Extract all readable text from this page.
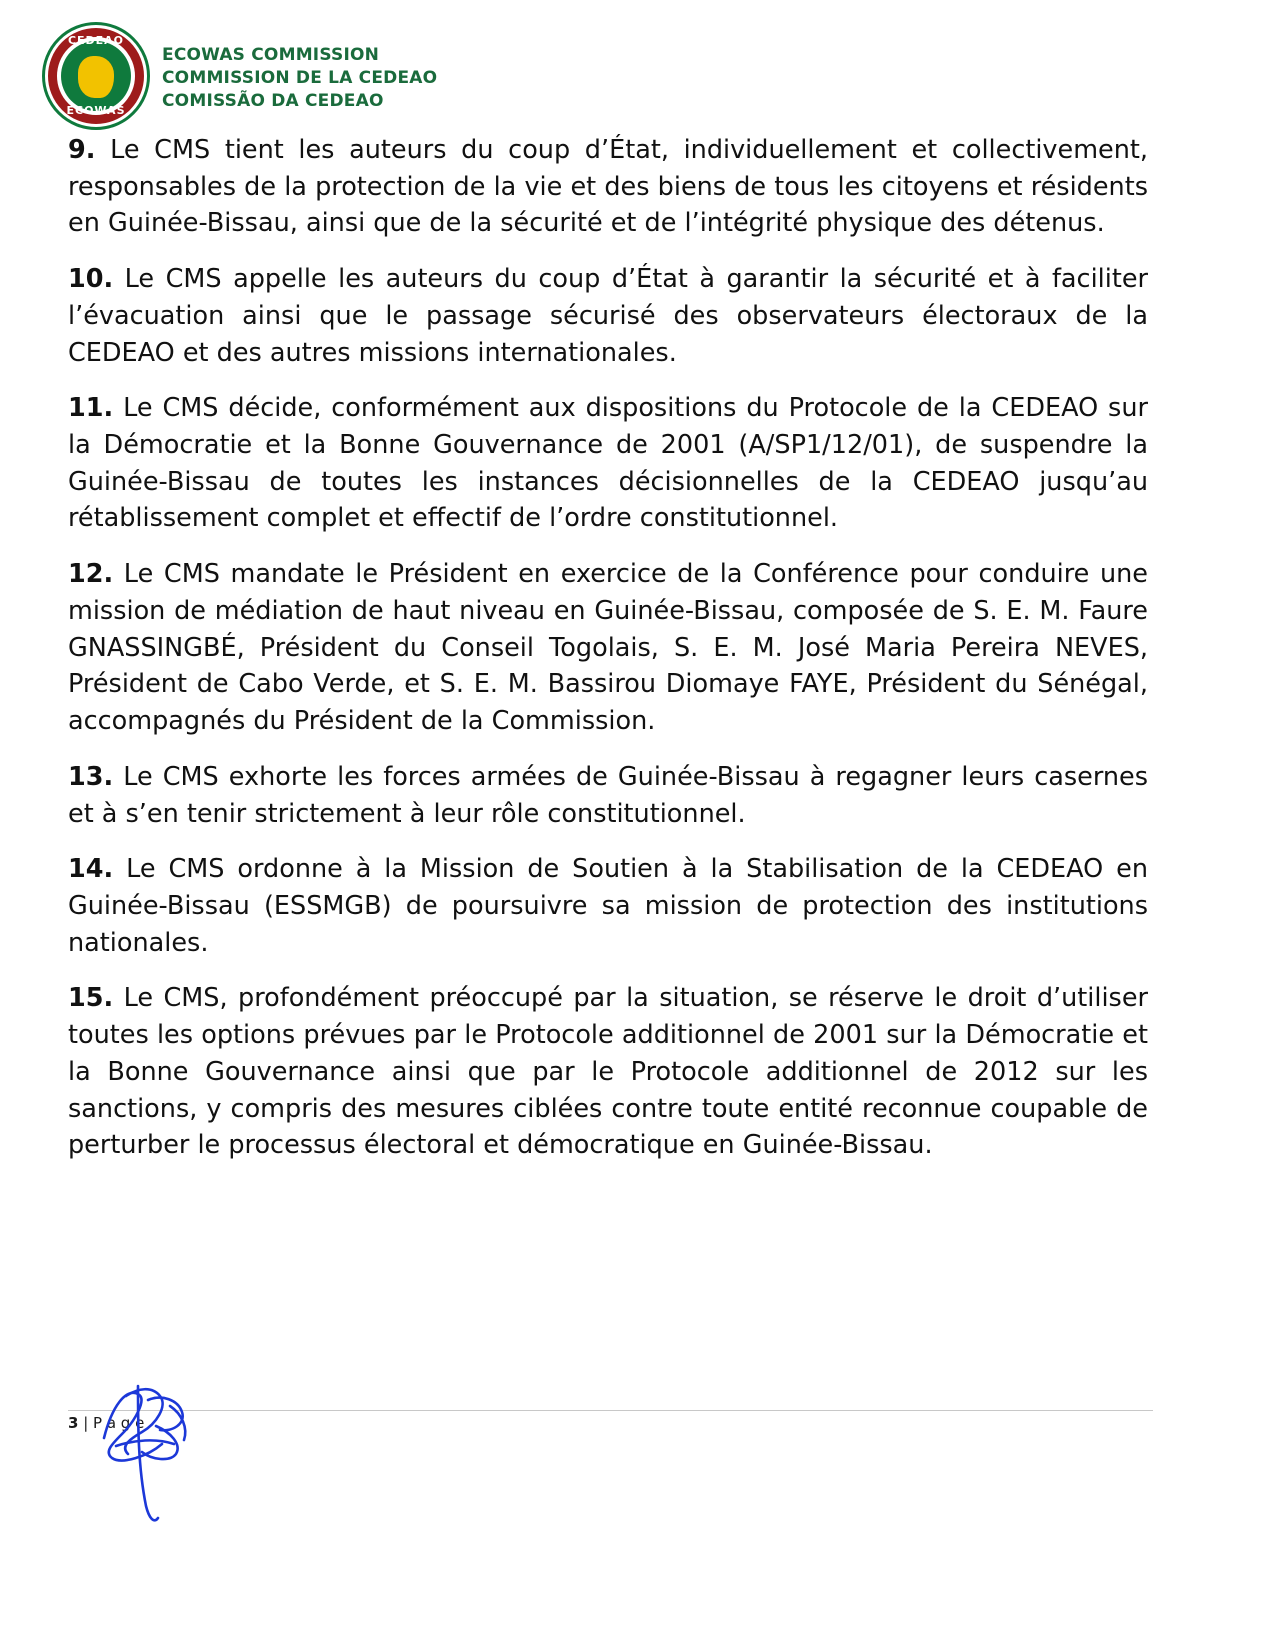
CEDEAO
ECOWAS
ECOWAS COMMISSION
COMMISSION DE LA CEDEAO
COMISSÃO DA CEDEAO

9. Le CMS tient les auteurs du coup d’État, individuellement et collectivement, responsables de la protection de la vie et des biens de tous les citoyens et résidents en Guinée-Bissau, ainsi que de la sécurité et de l’intégrité physique des détenus.

10. Le CMS appelle les auteurs du coup d’État à garantir la sécurité et à faciliter l’évacuation ainsi que le passage sécurisé des observateurs électoraux de la CEDEAO et des autres missions internationales.

11. Le CMS décide, conformément aux dispositions du Protocole de la CEDEAO sur la Démocratie et la Bonne Gouvernance de 2001 (A/SP1/12/01), de suspendre la Guinée-Bissau de toutes les instances décisionnelles de la CEDEAO jusqu’au rétablissement complet et effectif de l’ordre constitutionnel.

12. Le CMS mandate le Président en exercice de la Conférence pour conduire une mission de médiation de haut niveau en Guinée-Bissau, composée de S. E. M. Faure GNASSINGBÉ, Président du Conseil Togolais, S. E. M. José Maria Pereira NEVES, Président de Cabo Verde, et S. E. M. Bassirou Diomaye FAYE, Président du Sénégal, accompagnés du Président de la Commission.

13. Le CMS exhorte les forces armées de Guinée-Bissau à regagner leurs casernes et à s’en tenir strictement à leur rôle constitutionnel.

14. Le CMS ordonne à la Mission de Soutien à la Stabilisation de la CEDEAO en Guinée-Bissau (ESSMGB) de poursuivre sa mission de protection des institutions nationales.

15. Le CMS, profondément préoccupé par la situation, se réserve le droit d’utiliser toutes les options prévues par le Protocole additionnel de 2001 sur la Démocratie et la Bonne Gouvernance ainsi que par le Protocole additionnel de 2012 sur les sanctions, y compris des mesures ciblées contre toute entité reconnue coupable de perturber le processus électoral et démocratique en Guinée-Bissau.

3 | P a g e
